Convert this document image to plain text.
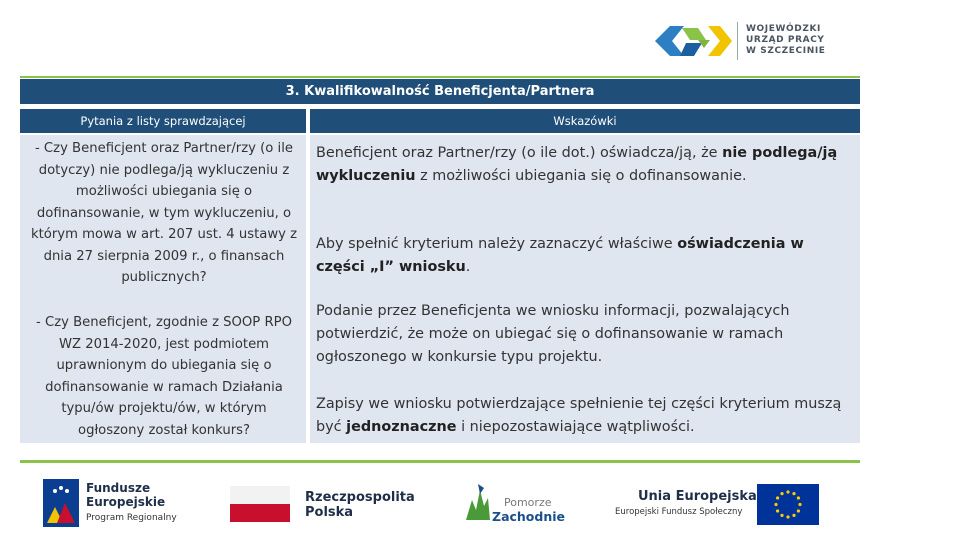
WOJEWÓDZKI
URZĄD PRACY
W SZCZECINIE
3. Kwalifikowalność Beneficjenta/Partnera
Pytania z listy sprawdzającej	Wskazówki
- Czy Beneficjent oraz Partner/rzy (o ile dotyczy) nie podlega/ją wykluczeniu z możliwości ubiegania się o dofinansowanie, w tym wykluczeniu, o którym mowa w art. 207 ust. 4 ustawy z dnia 27 sierpnia 2009 r., o finansach publicznych?
- Czy Beneficjent, zgodnie z SOOP RPO WZ 2014-2020, jest podmiotem uprawnionym do ubiegania się o dofinansowanie w ramach Działania typu/ów projektu/ów, w którym ogłoszony został konkurs?
Beneficjent oraz Partner/rzy (o ile dot.) oświadcza/ją, że nie podlega/ją wykluczeniu z możliwości ubiegania się o dofinansowanie.
Aby spełnić kryterium należy zaznaczyć właściwe oświadczenia w części „I” wniosku.
Podanie przez Beneficjenta we wniosku informacji, pozwalających potwierdzić, że może on ubiegać się o dofinansowanie w ramach ogłoszonego w konkursie typu projektu.
Zapisy we wniosku potwierdzające spełnienie tej części kryterium muszą być jednoznaczne i niepozostawiające wątpliwości.
Fundusze
Europejskie
Program Regionalny
Rzeczpospolita
Polska
Pomorze
Zachodnie
Unia Europejska
Europejski Fundusz Społeczny
